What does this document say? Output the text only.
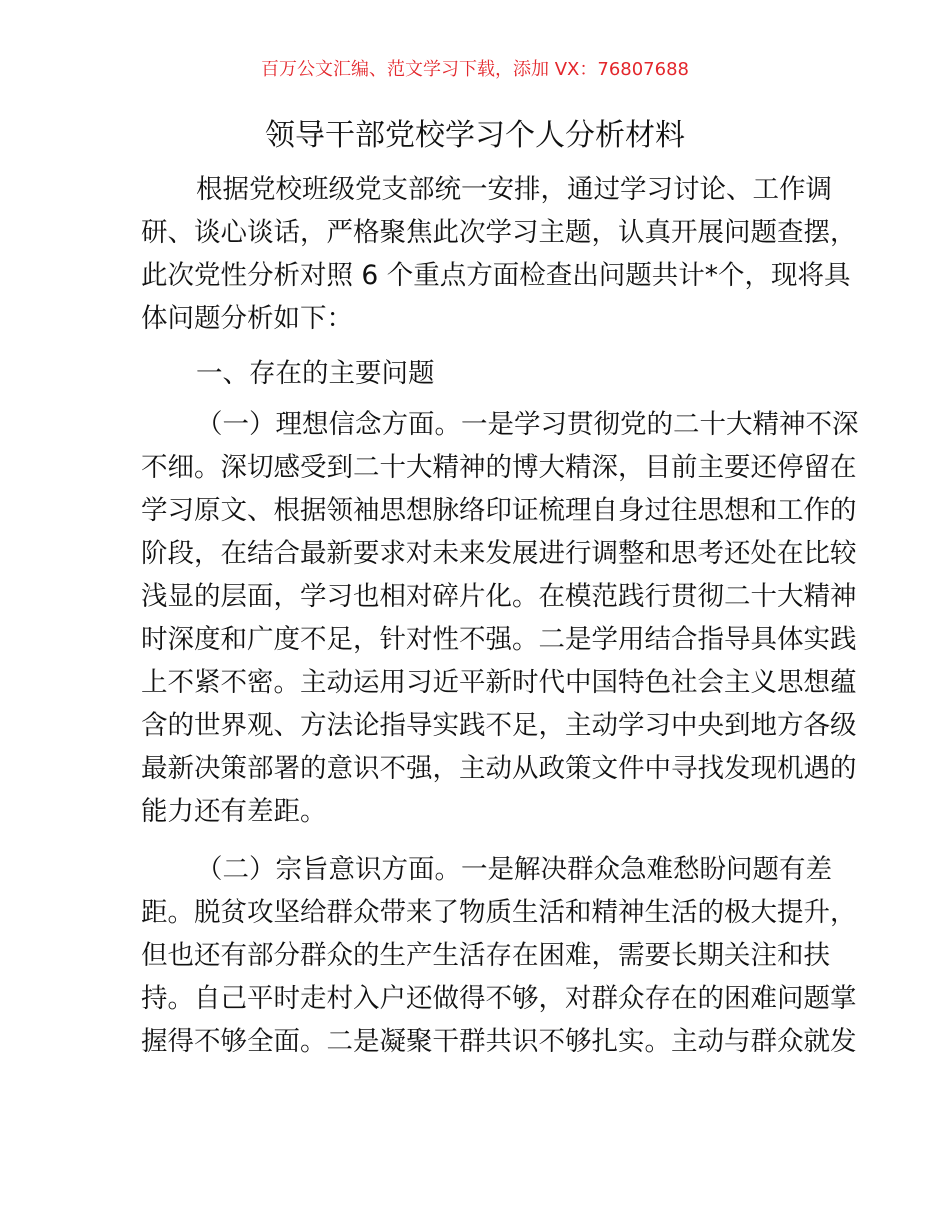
百万公文汇编、范文学习下载，添加 VX：76807688
领导干部党校学习个人分析材料
根据党校班级党支部统一安排，通过学习讨论、工作调
研、谈心谈话，严格聚焦此次学习主题，认真开展问题查摆，
此次党性分析对照 6 个重点方面检查出问题共计*个，现将具
体问题分析如下：
一、存在的主要问题
（一）理想信念方面。一是学习贯彻党的二十大精神不深
不细。深切感受到二十大精神的博大精深，目前主要还停留在
学习原文、根据领袖思想脉络印证梳理自身过往思想和工作的
阶段，在结合最新要求对未来发展进行调整和思考还处在比较
浅显的层面，学习也相对碎片化。在模范践行贯彻二十大精神
时深度和广度不足，针对性不强。二是学用结合指导具体实践
上不紧不密。主动运用习近平新时代中国特色社会主义思想蕴
含的世界观、方法论指导实践不足，主动学习中央到地方各级
最新决策部署的意识不强，主动从政策文件中寻找发现机遇的
能力还有差距。
（二）宗旨意识方面。一是解决群众急难愁盼问题有差
距。脱贫攻坚给群众带来了物质生活和精神生活的极大提升，
但也还有部分群众的生产生活存在困难，需要长期关注和扶
持。自己平时走村入户还做得不够，对群众存在的困难问题掌
握得不够全面。二是凝聚干群共识不够扎实。主动与群众就发
